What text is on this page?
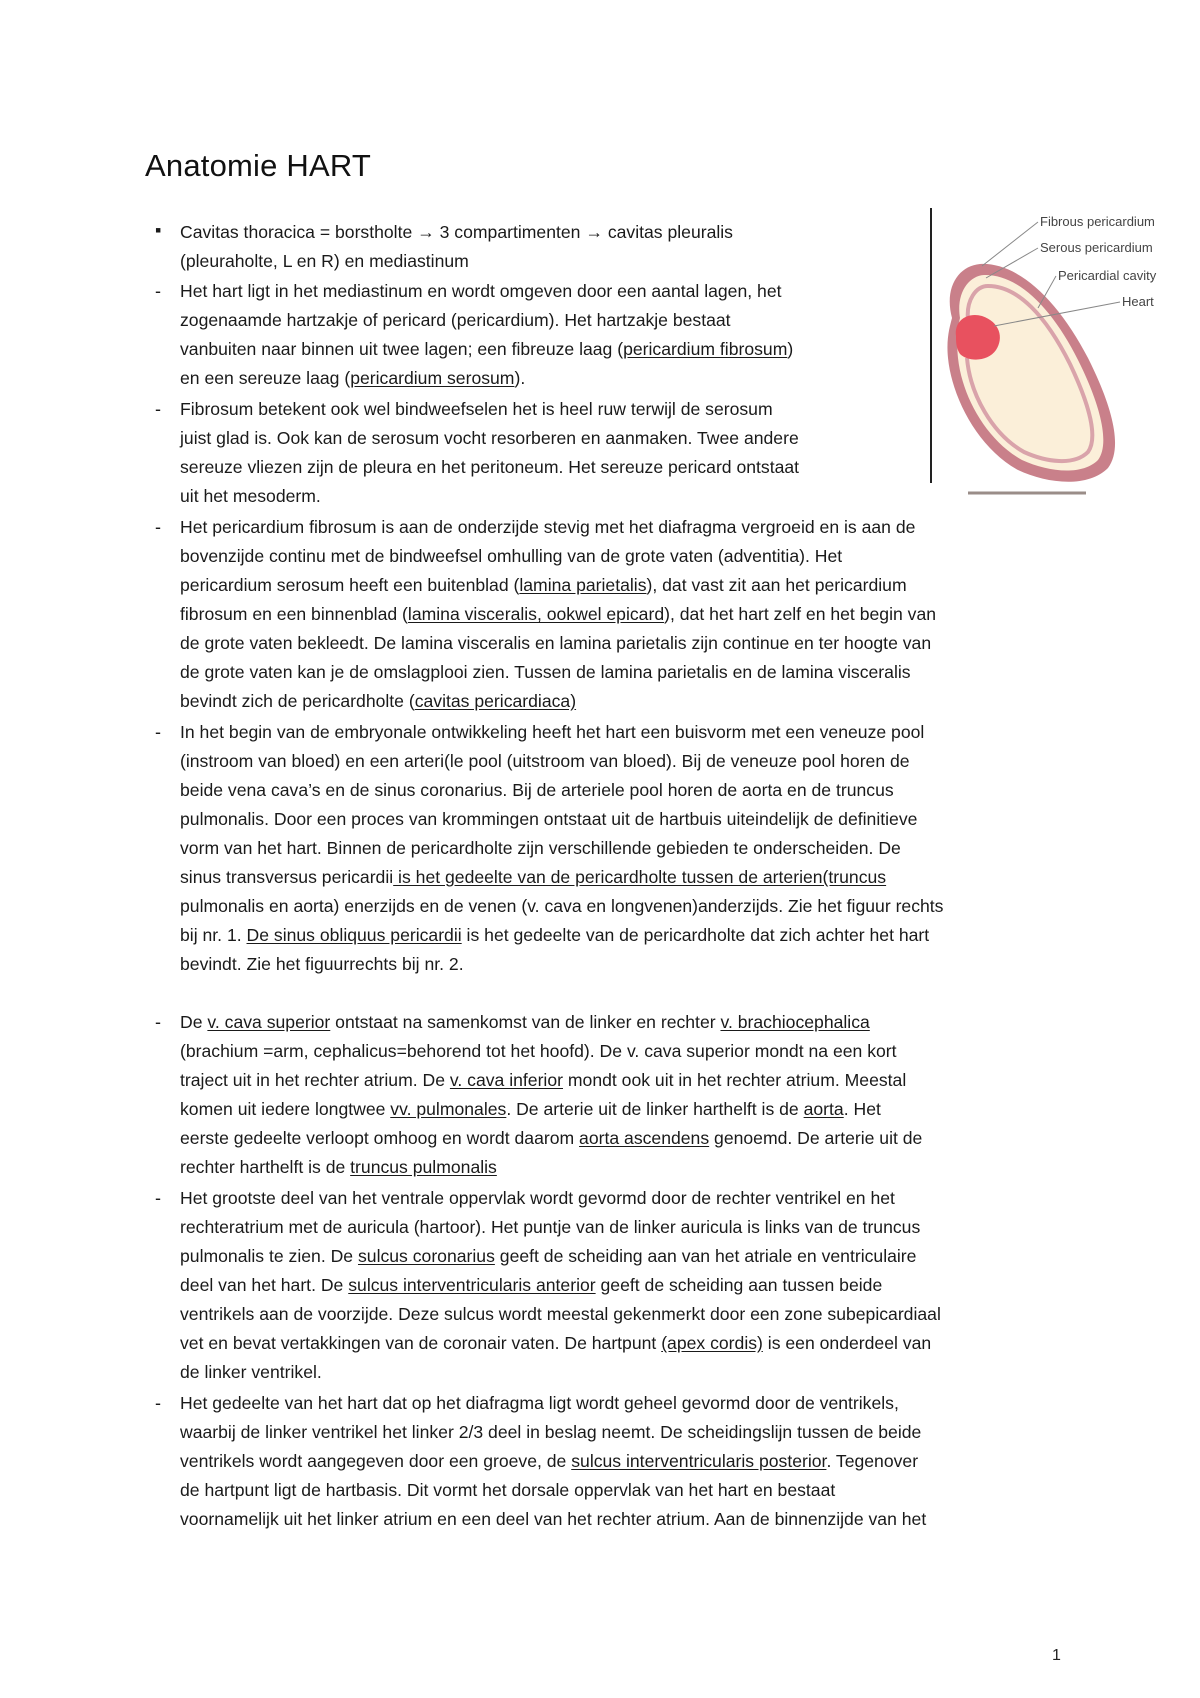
Anatomie HART
Fibrous pericardium
Serous pericardium
Pericardial cavity
Heart
▪ Cavitas thoracica = borstholte → 3 compartimenten → cavitas pleuralis
(pleuraholte, L en R) en mediastinum
- Het hart ligt in het mediastinum en wordt omgeven door een aantal lagen, het
zogenaamde hartzakje of pericard (pericardium). Het hartzakje bestaat
vanbuiten naar binnen uit twee lagen; een fibreuze laag (pericardium fibrosum)
en een sereuze laag (pericardium serosum).
- Fibrosum betekent ook wel bindweefselen het is heel ruw terwijl de serosum
juist glad is. Ook kan de serosum vocht resorberen en aanmaken. Twee andere
sereuze vliezen zijn de pleura en het peritoneum. Het sereuze pericard ontstaat
uit het mesoderm.
- Het pericardium fibrosum is aan de onderzijde stevig met het diafragma vergroeid en is aan de
bovenzijde continu met de bindweefsel omhulling van de grote vaten (adventitia). Het
pericardium serosum heeft een buitenblad (lamina parietalis), dat vast zit aan het pericardium
fibrosum en een binnenblad (lamina visceralis, ookwel epicard), dat het hart zelf en het begin van
de grote vaten bekleedt. De lamina visceralis en lamina parietalis zijn continue en ter hoogte van
de grote vaten kan je de omslagplooi zien. Tussen de lamina parietalis en de lamina visceralis
bevindt zich de pericardholte (cavitas pericardiaca)
- In het begin van de embryonale ontwikkeling heeft het hart een buisvorm met een veneuze pool
(instroom van bloed) en een arteri(le pool (uitstroom van bloed). Bij de veneuze pool horen de
beide vena cava’s en de sinus coronarius. Bij de arteriele pool horen de aorta en de truncus
pulmonalis. Door een proces van krommingen ontstaat uit de hartbuis uiteindelijk de definitieve
vorm van het hart. Binnen de pericardholte zijn verschillende gebieden te onderscheiden. De
sinus transversus pericardii is het gedeelte van de pericardholte tussen de arterien(truncus
pulmonalis en aorta) enerzijds en de venen (v. cava en longvenen)anderzijds. Zie het figuur rechts
bij nr. 1. De sinus obliquus pericardii is het gedeelte van de pericardholte dat zich achter het hart
bevindt. Zie het figuurrechts bij nr. 2.
- De v. cava superior ontstaat na samenkomst van de linker en rechter v. brachiocephalica
(brachium =arm, cephalicus=behorend tot het hoofd). De v. cava superior mondt na een kort
traject uit in het rechter atrium. De v. cava inferior mondt ook uit in het rechter atrium. Meestal
komen uit iedere longtwee vv. pulmonales. De arterie uit de linker harthelft is de aorta. Het
eerste gedeelte verloopt omhoog en wordt daarom aorta ascendens genoemd. De arterie uit de
rechter harthelft is de truncus pulmonalis
- Het grootste deel van het ventrale oppervlak wordt gevormd door de rechter ventrikel en het
rechteratrium met de auricula (hartoor). Het puntje van de linker auricula is links van de truncus
pulmonalis te zien. De sulcus coronarius geeft de scheiding aan van het atriale en ventriculaire
deel van het hart. De sulcus interventricularis anterior geeft de scheiding aan tussen beide
ventrikels aan de voorzijde. Deze sulcus wordt meestal gekenmerkt door een zone subepicardiaal
vet en bevat vertakkingen van de coronair vaten. De hartpunt (apex cordis) is een onderdeel van
de linker ventrikel.
- Het gedeelte van het hart dat op het diafragma ligt wordt geheel gevormd door de ventrikels,
waarbij de linker ventrikel het linker 2/3 deel in beslag neemt. De scheidingslijn tussen de beide
ventrikels wordt aangegeven door een groeve, de sulcus interventricularis posterior. Tegenover
de hartpunt ligt de hartbasis. Dit vormt het dorsale oppervlak van het hart en bestaat
voornamelijk uit het linker atrium en een deel van het rechter atrium. Aan de binnenzijde van het
1
